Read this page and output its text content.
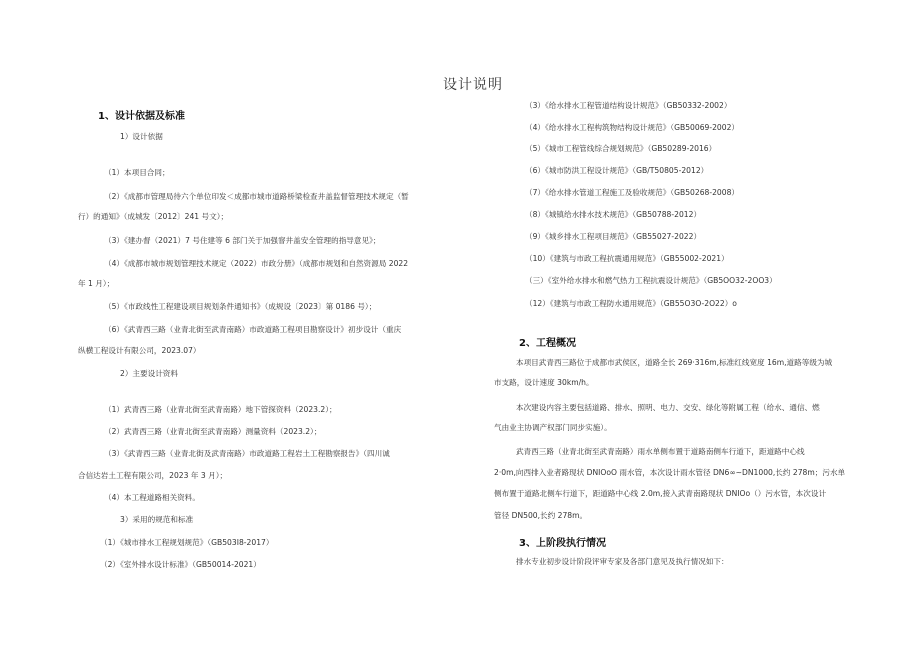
设计说明
1、设计依据及标准
1）设计依据
（1）本项目合同；
（2）《成都市管理局待六个单位印发＜成都市城市道路桥梁检查井盖监督管理技术规定（暂
行）的通知》（成城发〔2012〕241 号文）；
（3）《建办督（2021）7 号住建等 6 部门关于加强窨井盖安全管理的指导意见》；
（4）《成都市城市规划管理技术规定（2022）市政分册》（成都市规划和自然资源局 2022
年 1 月）；
（5）《市政线性工程建设项目规划条件通知书》（成规设〔2023〕第 0186 号）；
（6）《武青西三路（业青北街至武青南路）市政道路工程项目勘察设计》初步设计（重庆
纵横工程设计有限公司，2023.07）
2）主要设计资料
（1）武青西三路（业青北街至武青南路）地下管探资料（2023.2）；
（2）武青西三路（业青北街至武青南路）测量资料（2023.2）；
（3）《武青西三路（业青北街及武青南路）市政道路工程岩土工程勘察报告》（四川诚
合信达岩土工程有限公司，2023 年 3 月）；
（4）本工程道路相关资料。
3）采用的规范和标准
（1）《城市排水工程规划规范》（GB503I8-2017）
（2）《室外排水设计标准》（GB50014-2021）
（3）《给水排水工程管道结构设计规范》（GB50332-2002）
（4）《给水排水工程构筑物结构设计规范》（GB50069-2002）
（5）《城市工程管线综合规划规范》（GB50289-2016）
（6）《城市防洪工程设计规范》（GB/T50805-2012）
（7）《给水排水管道工程施工及验收规范》（GB50268-2008）
（8）《城镇给水排水技术规范》（GB50788-2012）
（9）《城乡排水工程项目规范》（GB55027-2022）
（10）《建筑与市政工程抗震通用规范》（GB55002-2021）
（三）《室外给水排水和燃气热力工程抗震设计规范》（GB5OO32-2OO3）
（12）《建筑与市政工程防水通用规范》（GB55O3O-2O22）o
2、工程概况
本项目武青西三路位于成都市武侯区，道路全长 269·316m,标准红线宽度 16m,道路等级为城
市支路，设计速度 30km/h。
本次建设内容主要包括道路、排水、照明、电力、交安、绿化等附属工程（给水、通信、燃
气由业主协调产权部门同步实施）。
武青西三路（业青北街至武青南路）雨水单侧布置于道路南侧车行道下，距道路中心线
2·0m,向西排入业者路现状 DNIOoO 雨水管，本次设计雨水管径 DN6∞~DN1000,长约 278m；污水单
侧布置于道路北侧车行道下，距道路中心线 2.0m,接入武青南路现状 DNIOo（）污水管，本次设计
管径 DN500,长约 278m。
3、上阶段执行情况
排水专业初步设计阶段评审专家及各部门意见及执行情况如下：
